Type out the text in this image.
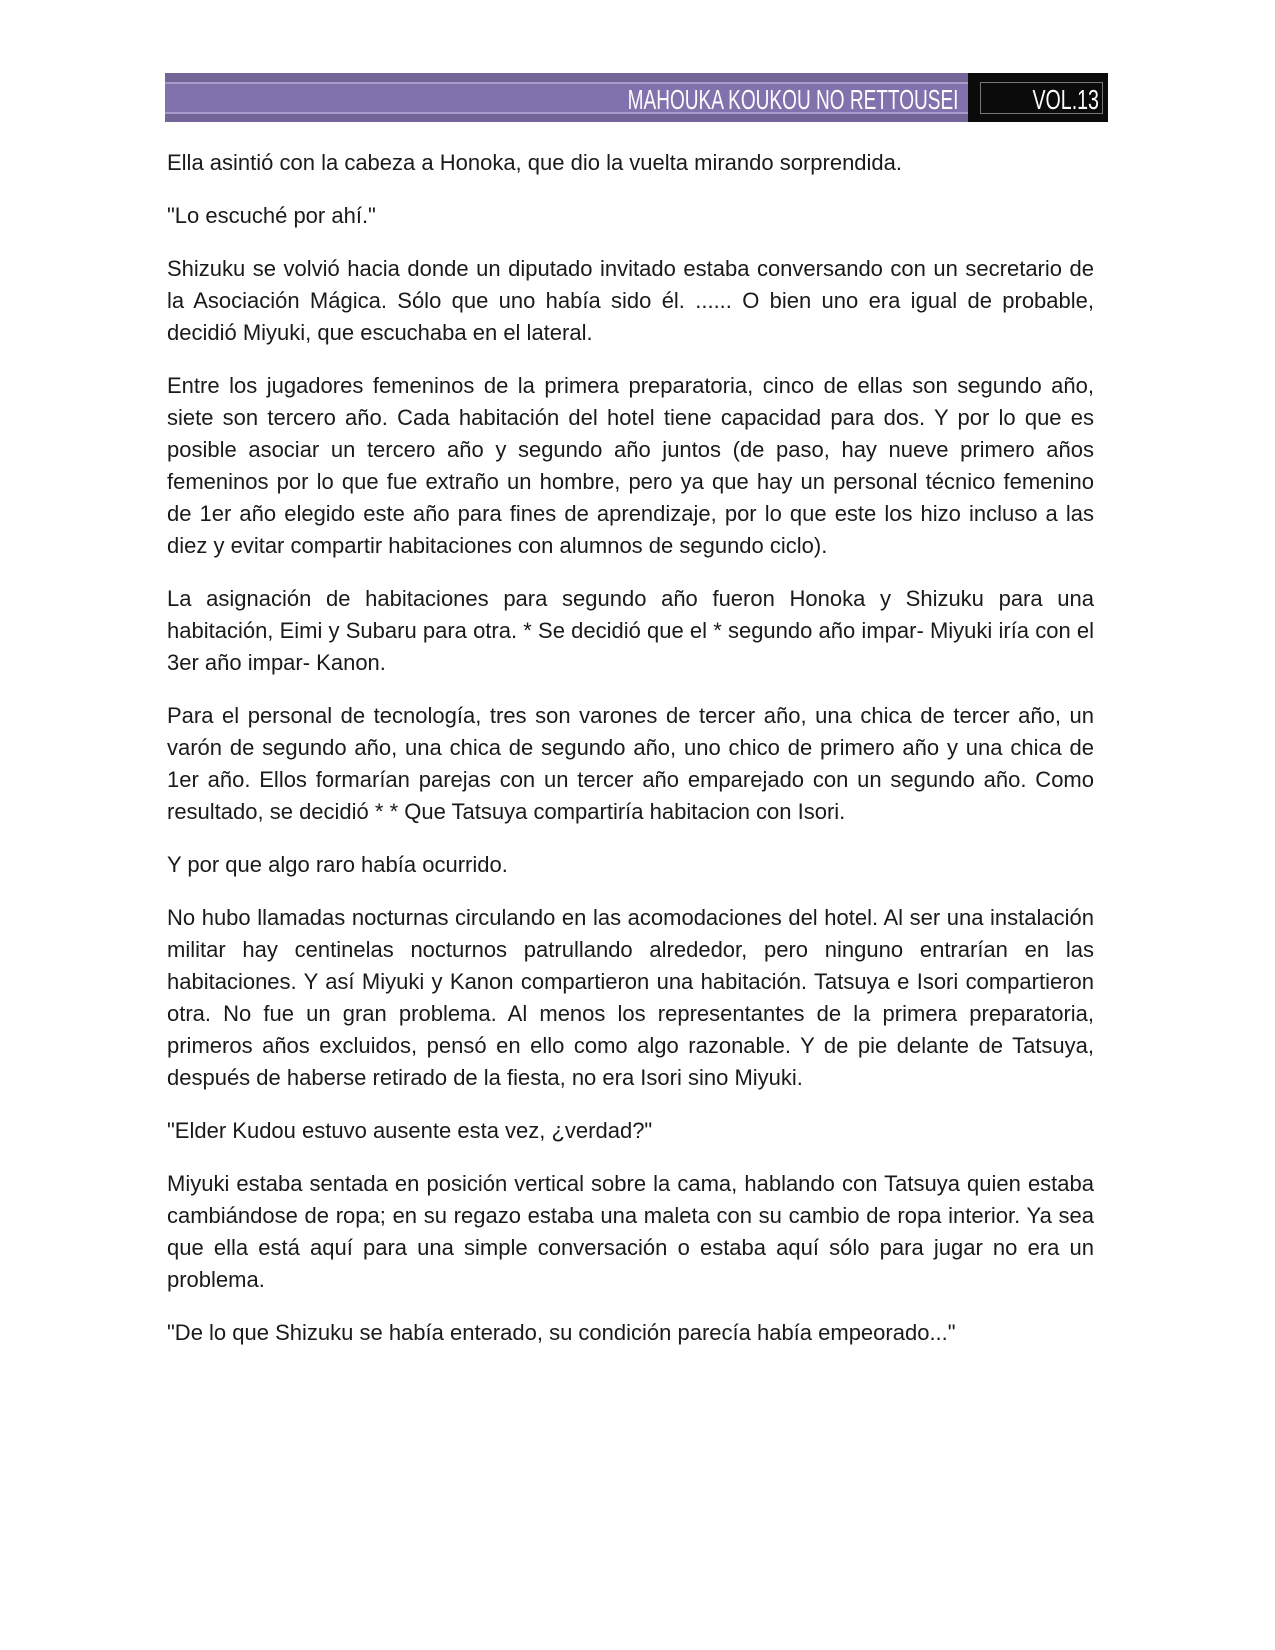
MAHOUKA KOUKOU NO RETTOUSEI	VOL.13

Ella asintió con la cabeza a Honoka, que dio la vuelta mirando sorprendida.

"Lo escuché por ahí."

Shizuku se volvió hacia donde un diputado invitado estaba conversando con un secretario de la Asociación Mágica. Sólo que uno había sido él. ...... O bien uno era igual de probable, decidió Miyuki, que escuchaba en el lateral.

Entre los jugadores femeninos de la primera preparatoria, cinco de ellas son segundo año, siete son tercero año. Cada habitación del hotel tiene capacidad para dos. Y por lo que es posible asociar un tercero año y segundo año juntos (de paso, hay nueve primero años femeninos por lo que fue extraño un hombre, pero ya que hay un personal técnico femenino de 1er año elegido este año para fines de aprendizaje, por lo que este los hizo incluso a las diez y evitar compartir habitaciones con alumnos de segundo ciclo).

La asignación de habitaciones para segundo año fueron Honoka y Shizuku para una habitación, Eimi y Subaru para otra. * Se decidió que el * segundo año impar- Miyuki iría con el 3er año impar- Kanon.

Para el personal de tecnología, tres son varones de tercer año, una chica de tercer año, un varón de segundo año, una chica de segundo año, uno chico de primero año y una chica de 1er año. Ellos formarían parejas con un tercer año emparejado con un segundo año. Como resultado, se decidió * * Que Tatsuya compartiría habitacion con Isori.

Y por que algo raro había ocurrido.

No hubo llamadas nocturnas circulando en las acomodaciones del hotel. Al ser una instalación militar hay centinelas nocturnos patrullando alrededor, pero ninguno entrarían en las habitaciones. Y así Miyuki y Kanon compartieron una habitación. Tatsuya e Isori compartieron otra. No fue un gran problema. Al menos los representantes de la primera preparatoria, primeros años excluidos, pensó en ello como algo razonable. Y de pie delante de Tatsuya, después de haberse retirado de la fiesta, no era Isori sino Miyuki.

"Elder Kudou estuvo ausente esta vez, ¿verdad?"

Miyuki estaba sentada en posición vertical sobre la cama, hablando con Tatsuya quien estaba cambiándose de ropa; en su regazo estaba una maleta con su cambio de ropa interior. Ya sea que ella está aquí para una simple conversación o estaba aquí sólo para jugar no era un problema.

"De lo que Shizuku se había enterado, su condición parecía había empeorado..."
